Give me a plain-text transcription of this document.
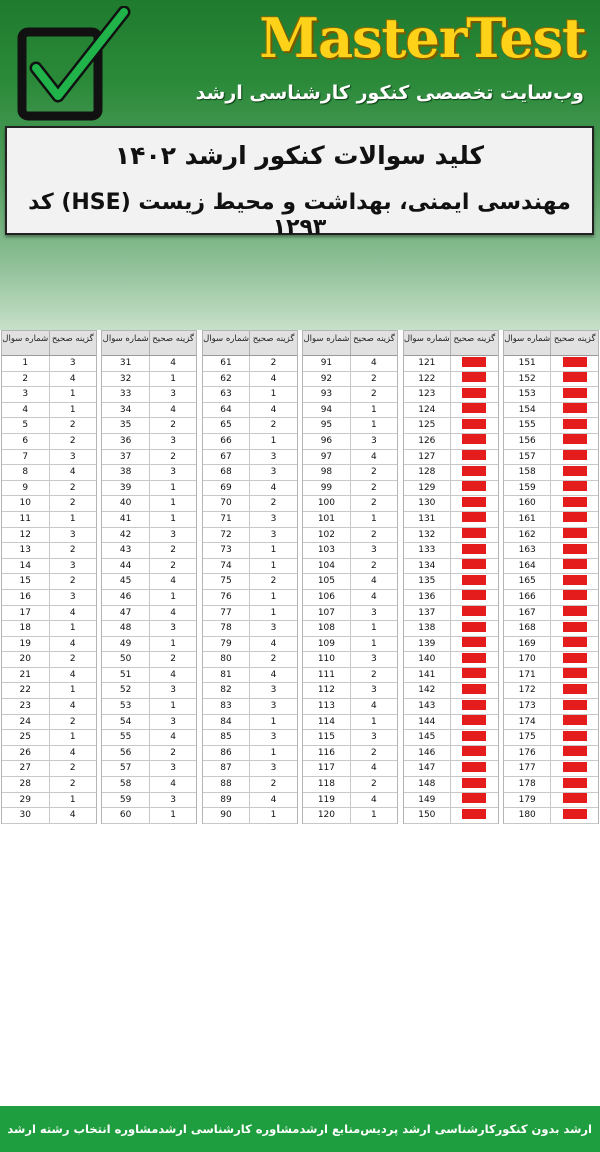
MasterTest
وب‌سایت تخصصی کنکور کارشناسی ارشد
کلید سوالات کنکور ارشد ۱۴۰۲
مهندسی ایمنی، بهداشت و محیط زیست (HSE) کد ۱۲۹۳
شماره سوال گزینه صحیح
1	3
2	4
3	1
4	1
5	2
6	2
7	3
8	4
9	2
10	2
11	1
12	3
13	2
14	3
15	2
16	3
17	4
18	1
19	4
20	2
21	4
22	1
23	4
24	2
25	1
26	4
27	2
28	2
29	1
30	4
شماره سوال گزینه صحیح
31	4
32	1
33	3
34	4
35	2
36	3
37	2
38	3
39	1
40	1
41	1
42	3
43	2
44	2
45	4
46	1
47	4
48	3
49	1
50	2
51	4
52	3
53	1
54	3
55	4
56	2
57	3
58	4
59	3
60	1
شماره سوال گزینه صحیح
61	2
62	4
63	1
64	4
65	2
66	1
67	3
68	3
69	4
70	2
71	3
72	3
73	1
74	1
75	2
76	1
77	1
78	3
79	4
80	2
81	4
82	3
83	3
84	1
85	3
86	1
87	3
88	2
89	4
90	1
شماره سوال گزینه صحیح
91	4
92	2
93	2
94	1
95	1
96	3
97	4
98	2
99	2
100	2
101	1
102	2
103	3
104	2
105	4
106	4
107	3
108	1
109	1
110	3
111	2
112	3
113	4
114	1
115	3
116	2
117	4
118	2
119	4
120	1
شماره سوال گزینه صحیح
121
122
123
124
125
126
127
128
129
130
131
132
133
134
135
136
137
138
139
140
141
142
143
144
145
146
147
148
149
150
شماره سوال گزینه صحیح
151
152
153
154
155
156
157
158
159
160
161
162
163
164
165
166
167
168
169
170
171
172
173
174
175
176
177
178
179
180
ارشد بدون کنکور
کارشناسی ارشد پردیس
منابع ارشد
مشاوره کارشناسی ارشد
مشاوره انتخاب رشته ارشد
